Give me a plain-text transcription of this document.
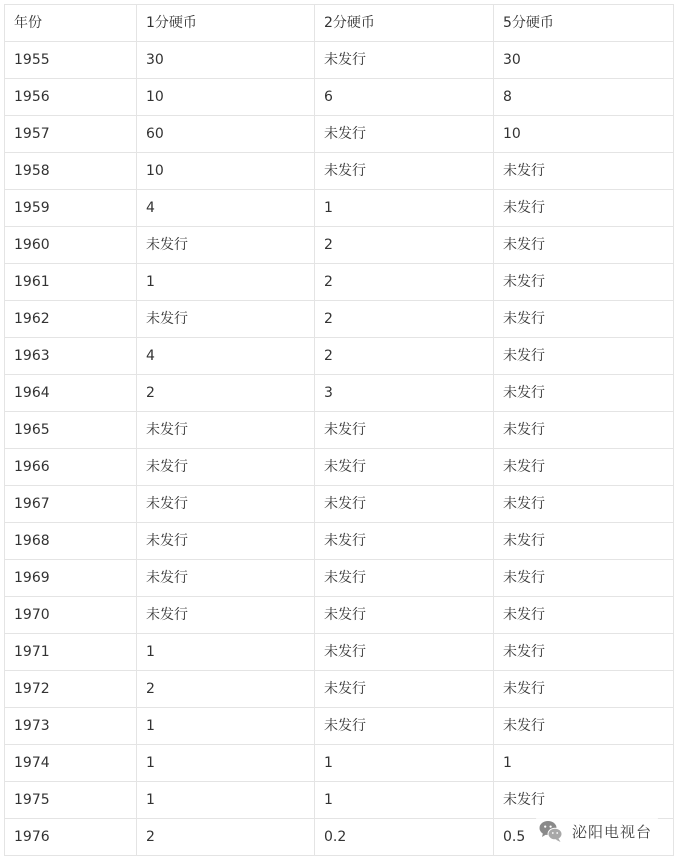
年份	1分硬币	2分硬币	5分硬币
1955	30	未发行	30
1956	10	6	8
1957	60	未发行	10
1958	10	未发行	未发行
1959	4	1	未发行
1960	未发行	2	未发行
1961	1	2	未发行
1962	未发行	2	未发行
1963	4	2	未发行
1964	2	3	未发行
1965	未发行	未发行	未发行
1966	未发行	未发行	未发行
1967	未发行	未发行	未发行
1968	未发行	未发行	未发行
1969	未发行	未发行	未发行
1970	未发行	未发行	未发行
1971	1	未发行	未发行
1972	2	未发行	未发行
1973	1	未发行	未发行
1974	1	1	1
1975	1	1	未发行
1976	2	0.2	0.5	泌阳电视台
